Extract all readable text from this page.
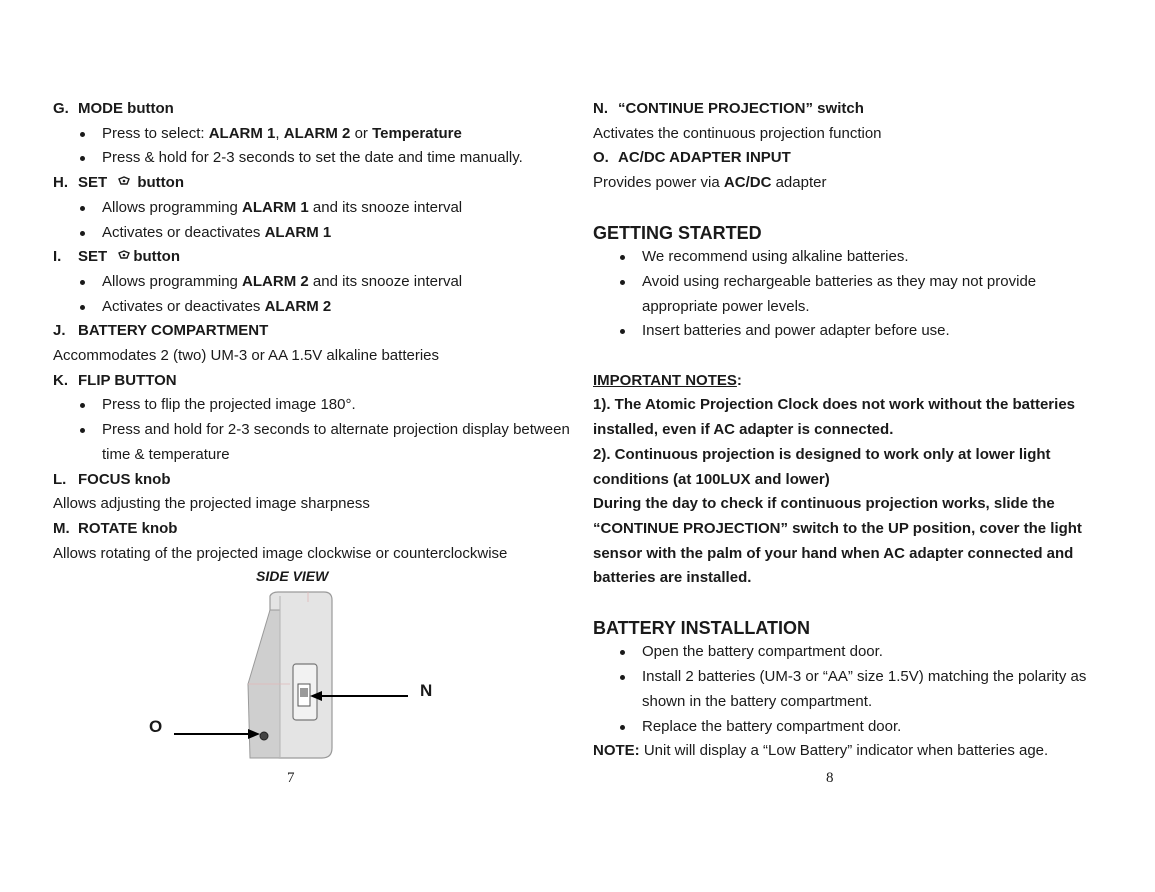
G. MODE button
Press to select: ALARM 1, ALARM 2 or Temperature
Press & hold for 2-3 seconds to set the date and time manually.
H. SET button
Allows programming ALARM 1 and its snooze interval
Activates or deactivates ALARM 1
I. SET button
Allows programming ALARM 2 and its snooze interval
Activates or deactivates ALARM 2
J. BATTERY COMPARTMENT
Accommodates 2 (two) UM-3 or AA 1.5V alkaline batteries
K. FLIP BUTTON
Press to flip the projected image 180°.
Press and hold for 2-3 seconds to alternate projection display between
time & temperature
L. FOCUS knob
Allows adjusting the projected image sharpness
M. ROTATE knob
Allows rotating of the projected image clockwise or counterclockwise
SIDE VIEW
N
O
7
N. “CONTINUE PROJECTION” switch
Activates the continuous projection function
O. AC/DC ADAPTER INPUT
Provides power via AC/DC adapter
GETTING STARTED
We recommend using alkaline batteries.
Avoid using rechargeable batteries as they may not provide
appropriate power levels.
Insert batteries and power adapter before use.
IMPORTANT NOTES:
1). The Atomic Projection Clock does not work without the batteries
installed, even if AC adapter is connected.
2). Continuous projection is designed to work only at lower light
conditions (at 100LUX and lower)
During the day to check if continuous projection works, slide the
“CONTINUE PROJECTION” switch to the UP position, cover the light
sensor with the palm of your hand when AC adapter connected and
batteries are installed.
BATTERY INSTALLATION
Open the battery compartment door.
Install 2 batteries (UM-3 or “AA” size 1.5V) matching the polarity as
shown in the battery compartment.
Replace the battery compartment door.
NOTE: Unit will display a “Low Battery” indicator when batteries age.
8
